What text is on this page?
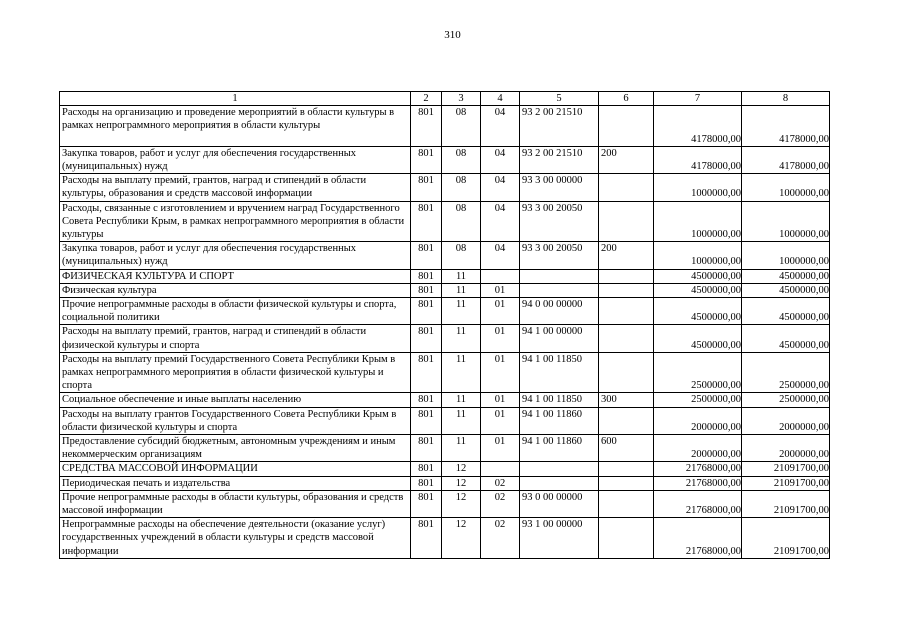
310
1	2	3	4	5	6	7	8
Расходы на организацию и проведение мероприятий в области культуры в рамках непрограммного мероприятия в области культуры	801	08	04	93 2 00 21510		4178000,00	4178000,00
Закупка товаров, работ и услуг для обеспечения государственных (муниципальных) нужд	801	08	04	93 2 00 21510	200	4178000,00	4178000,00
Расходы на выплату премий, грантов, наград и стипендий в области культуры, образования и средств массовой информации	801	08	04	93 3 00 00000		1000000,00	1000000,00
Расходы, связанные с изготовлением и вручением наград Государственного Совета Республики Крым, в рамках непрограммного мероприятия в области культуры	801	08	04	93 3 00 20050		1000000,00	1000000,00
Закупка товаров, работ и услуг для обеспечения государственных (муниципальных) нужд	801	08	04	93 3 00 20050	200	1000000,00	1000000,00
ФИЗИЧЕСКАЯ КУЛЬТУРА И СПОРТ	801	11				4500000,00	4500000,00
Физическая культура	801	11	01			4500000,00	4500000,00
Прочие непрограммные расходы в области физической культуры и спорта, социальной политики	801	11	01	94 0 00 00000		4500000,00	4500000,00
Расходы на выплату премий, грантов, наград и стипендий в области физической культуры и спорта	801	11	01	94 1 00 00000		4500000,00	4500000,00
Расходы на выплату премий Государственного Совета Республики Крым в рамках непрограммного мероприятия в области физической культуры и спорта	801	11	01	94 1 00 11850		2500000,00	2500000,00
Социальное обеспечение и иные выплаты населению	801	11	01	94 1 00 11850	300	2500000,00	2500000,00
Расходы на выплату грантов Государственного Совета Республики Крым в области физической культуры и спорта	801	11	01	94 1 00 11860		2000000,00	2000000,00
Предоставление субсидий бюджетным, автономным учреждениям и иным некоммерческим организациям	801	11	01	94 1 00 11860	600	2000000,00	2000000,00
СРЕДСТВА МАССОВОЙ ИНФОРМАЦИИ	801	12				21768000,00	21091700,00
Периодическая печать и издательства	801	12	02			21768000,00	21091700,00
Прочие непрограммные расходы в области культуры, образования и средств массовой информации	801	12	02	93 0 00 00000		21768000,00	21091700,00
Непрограммные расходы на обеспечение деятельности (оказание услуг) государственных учреждений в области культуры и средств массовой информации	801	12	02	93 1 00 00000		21768000,00	21091700,00
